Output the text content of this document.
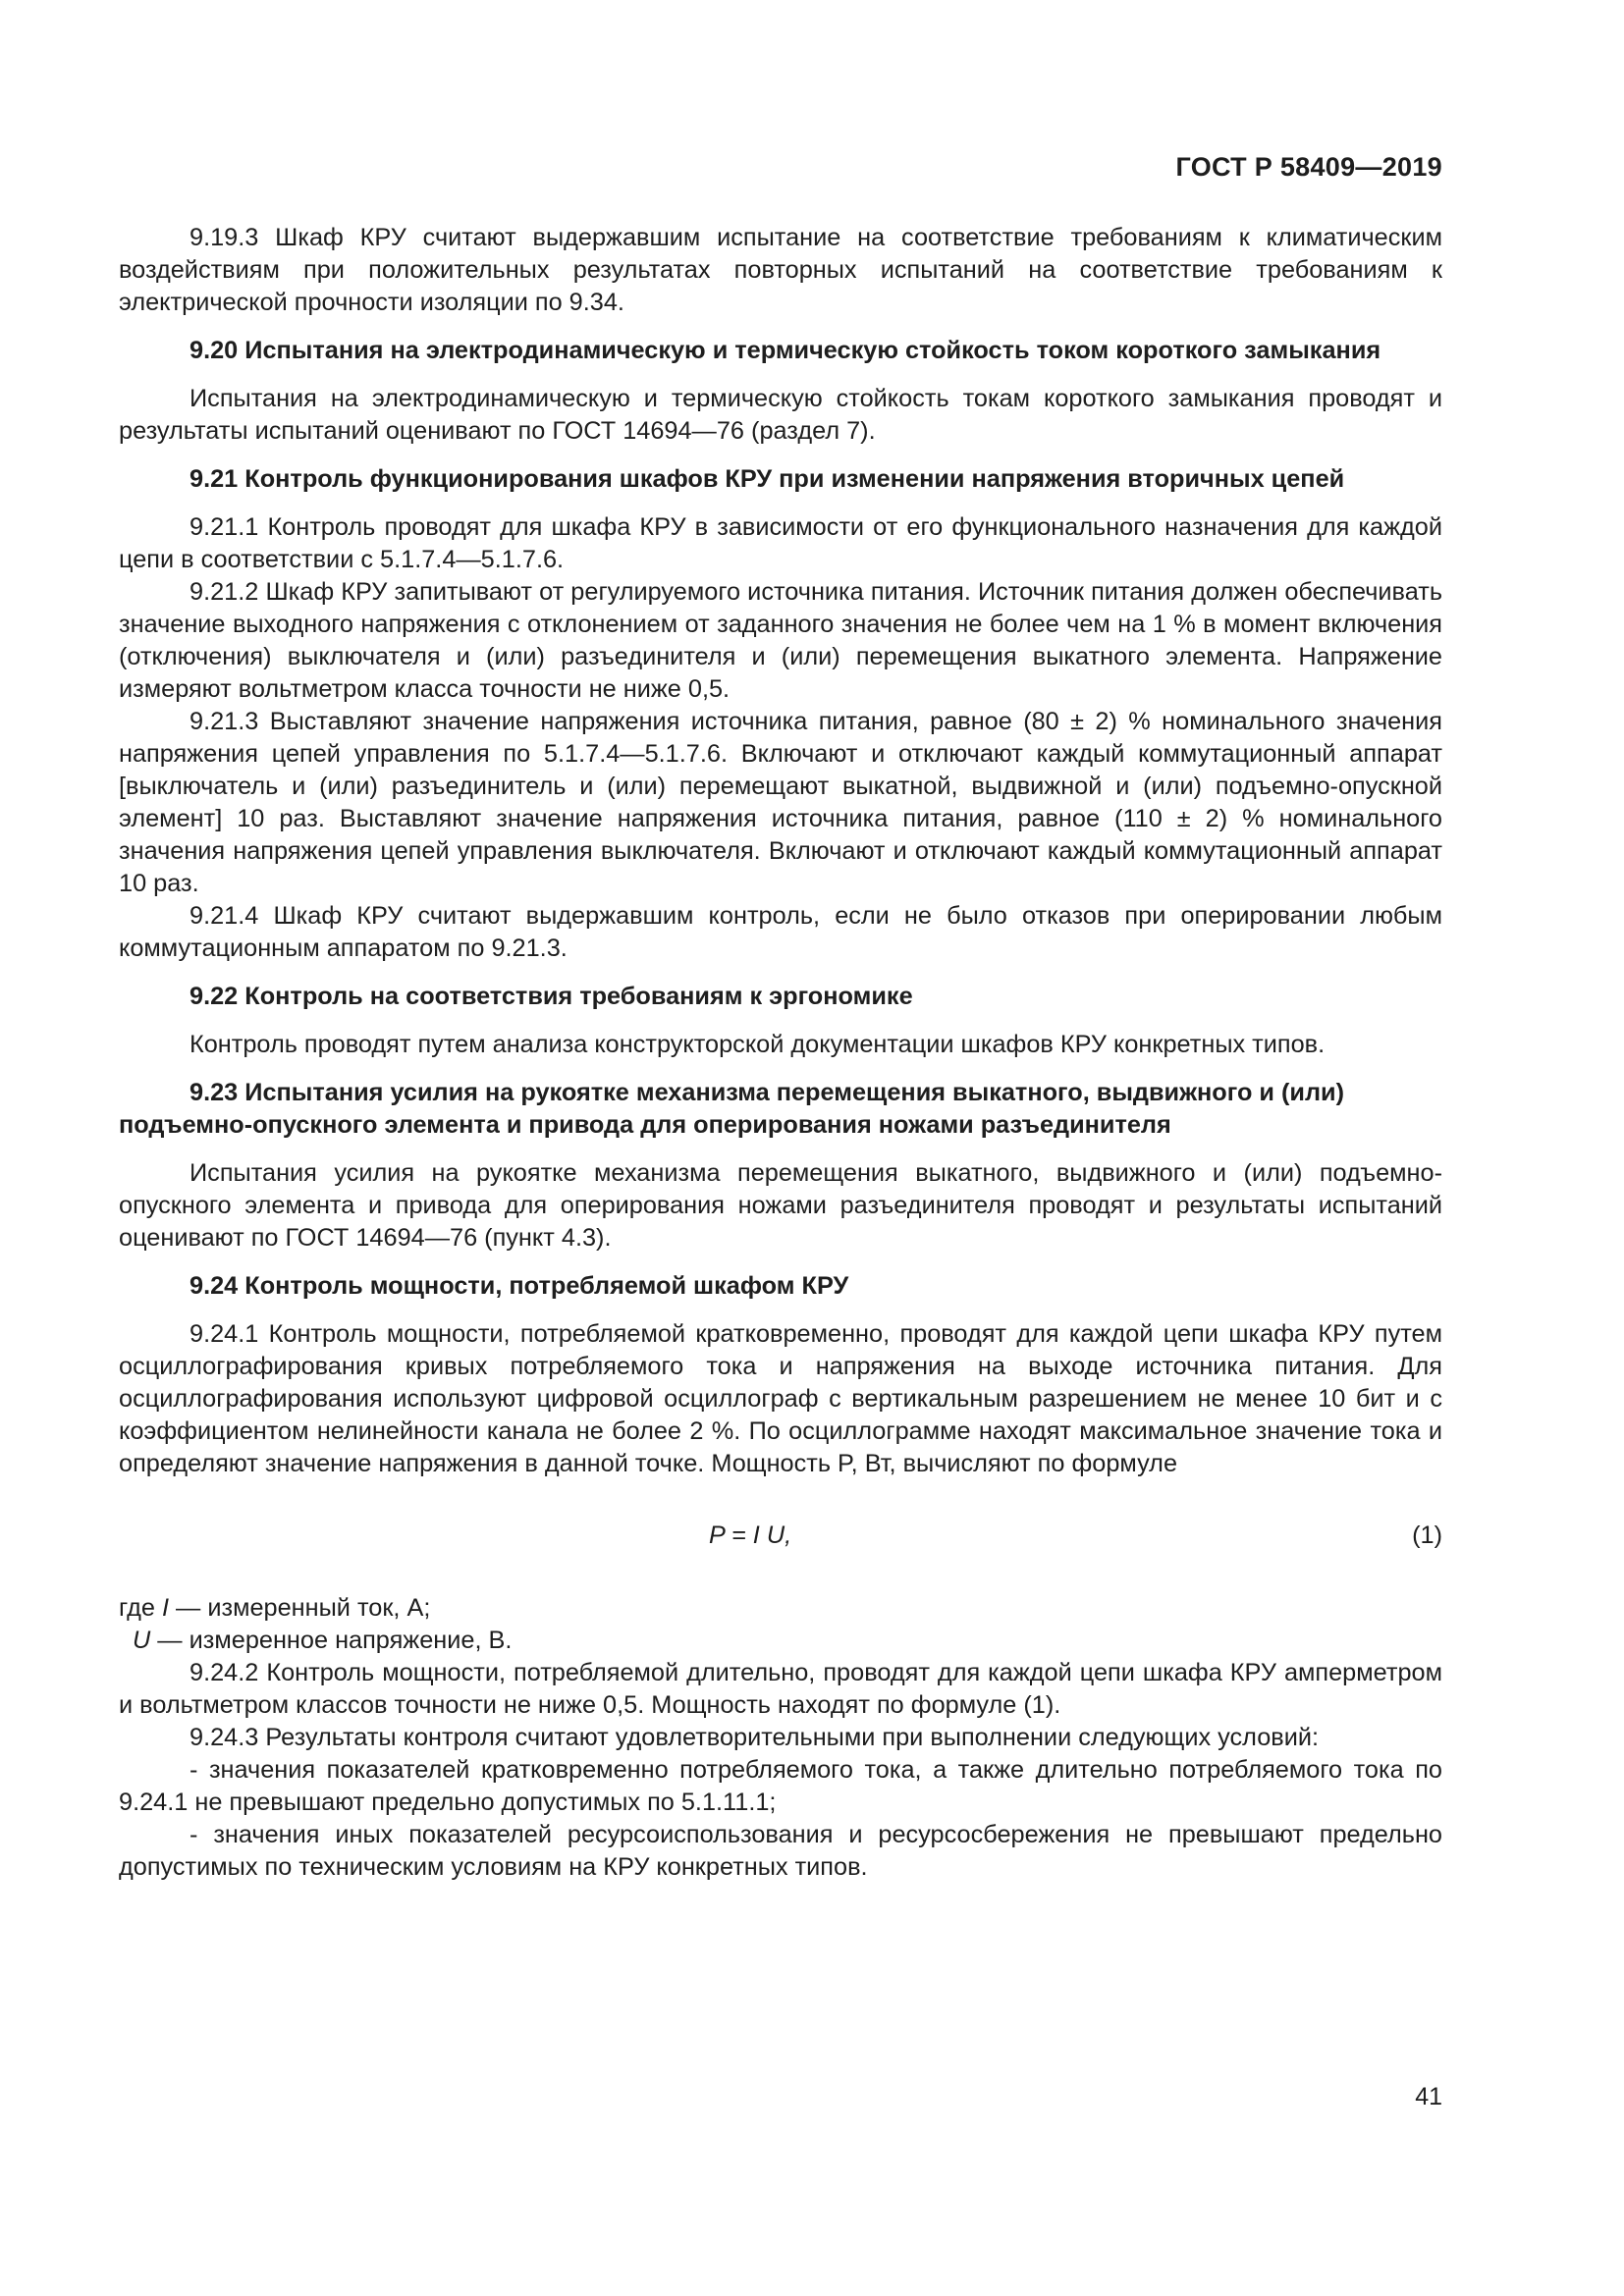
ГОСТ Р 58409—2019

9.19.3 Шкаф КРУ считают выдержавшим испытание на соответствие требованиям к климатическим воздействиям при положительных результатах повторных испытаний на соответствие требованиям к электрической прочности изоляции по 9.34.

9.20 Испытания на электродинамическую и термическую стойкость током короткого замыкания

Испытания на электродинамическую и термическую стойкость токам короткого замыкания проводят и результаты испытаний оценивают по ГОСТ 14694—76 (раздел 7).

9.21 Контроль функционирования шкафов КРУ при изменении напряжения вторичных цепей

9.21.1 Контроль проводят для шкафа КРУ в зависимости от его функционального назначения для каждой цепи в соответствии с 5.1.7.4—5.1.7.6.

9.21.2 Шкаф КРУ запитывают от регулируемого источника питания. Источник питания должен обеспечивать значение выходного напряжения с отклонением от заданного значения не более чем на 1 % в момент включения (отключения) выключателя и (или) разъединителя и (или) перемещения выкатного элемента. Напряжение измеряют вольтметром класса точности не ниже 0,5.

9.21.3 Выставляют значение напряжения источника питания, равное (80 ± 2) % номинального значения напряжения цепей управления по 5.1.7.4—5.1.7.6. Включают и отключают каждый коммутационный аппарат [выключатель и (или) разъединитель и (или) перемещают выкатной, выдвижной и (или) подъемно-опускной элемент] 10 раз. Выставляют значение напряжения источника питания, равное (110 ± 2) % номинального значения напряжения цепей управления выключателя. Включают и отключают каждый коммутационный аппарат 10 раз.

9.21.4 Шкаф КРУ считают выдержавшим контроль, если не было отказов при оперировании любым коммутационным аппаратом по 9.21.3.

9.22 Контроль на соответствия требованиям к эргономике

Контроль проводят путем анализа конструкторской документации шкафов КРУ конкретных типов.

9.23 Испытания усилия на рукоятке механизма перемещения выкатного, выдвижного и (или) подъемно-опускного элемента и привода для оперирования ножами разъединителя

Испытания усилия на рукоятке механизма перемещения выкатного, выдвижного и (или) подъемно-опускного элемента и привода для оперирования ножами разъединителя проводят и результаты испытаний оценивают по ГОСТ 14694—76 (пункт 4.3).

9.24 Контроль мощности, потребляемой шкафом КРУ

9.24.1 Контроль мощности, потребляемой кратковременно, проводят для каждой цепи шкафа КРУ путем осциллографирования кривых потребляемого тока и напряжения на выходе источника питания. Для осциллографирования используют цифровой осциллограф с вертикальным разрешением не менее 10 бит и с коэффициентом нелинейности канала не более 2 %. По осциллограмме находят максимальное значение тока и определяют значение напряжения в данной точке. Мощность P, Вт, вычисляют по формуле

P = I U,	(1)

где I — измеренный ток, А;

U — измеренное напряжение, В.

9.24.2 Контроль мощности, потребляемой длительно, проводят для каждой цепи шкафа КРУ амперметром и вольтметром классов точности не ниже 0,5. Мощность находят по формуле (1).

9.24.3 Результаты контроля считают удовлетворительными при выполнении следующих условий:

- значения показателей кратковременно потребляемого тока, а также длительно потребляемого тока по 9.24.1 не превышают предельно допустимых по 5.1.11.1;

- значения иных показателей ресурсоиспользования и ресурсосбережения не превышают предельно допустимых по техническим условиям на КРУ конкретных типов.

41
